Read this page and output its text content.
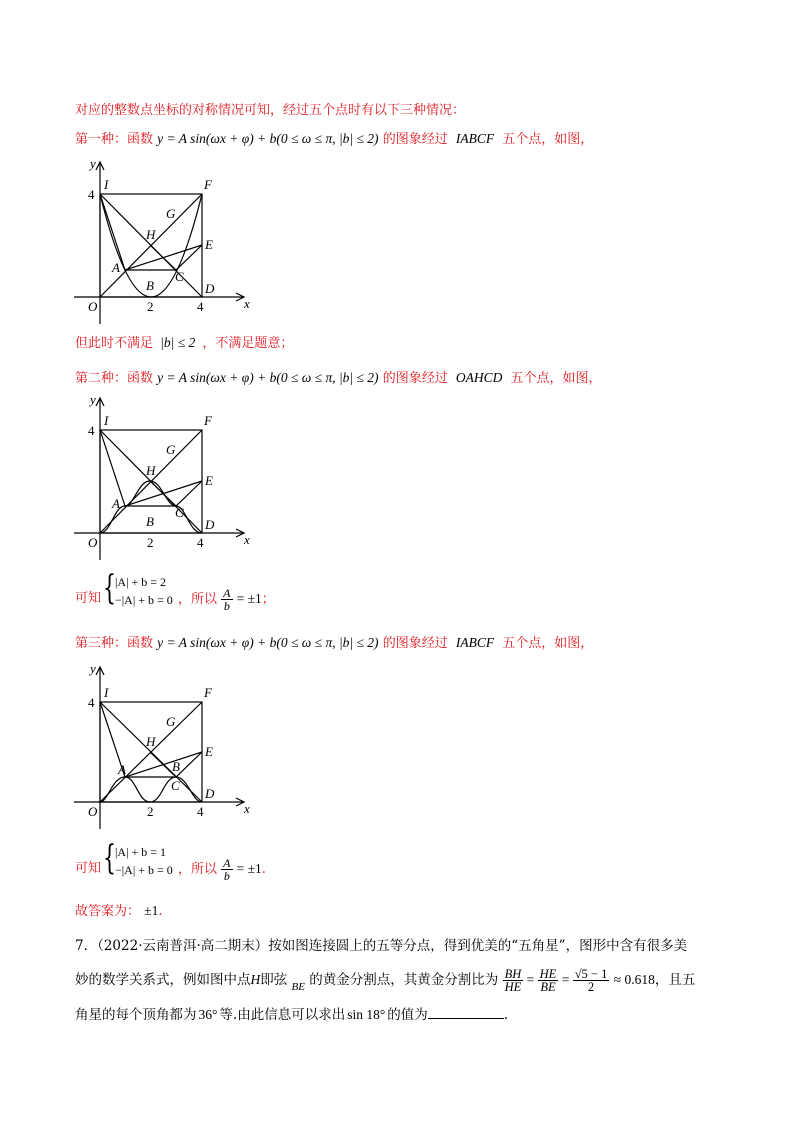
对应的整数点坐标的对称情况可知，经过五个点时有以下三种情况：
第一种：函数 y = A sin(ωx + φ) + b(0 ≤ ω ≤ π, |b| ≤ 2) 的图象经过 IABCF 五个点，如图，
y
x
O
4
2	4
I	F
G
H
E
A
B
C
D
但此时不满足 |b| ≤ 2 ，不满足题意；
第二种：函数 y = A sin(ωx + φ) + b(0 ≤ ω ≤ π, |b| ≤ 2) 的图象经过 OAHCD 五个点，如图，
y
x
O
4
2	4
I	F
G
H
E
A
B
C
D
可知 { |A| + b = 2
−|A| + b = 0 ，所以 $\frac{A}{b} = \pm 1$；
第三种：函数 y = A sin(ωx + φ) + b(0 ≤ ω ≤ π, |b| ≤ 2) 的图象经过 IABCF 五个点，如图，
y
x
O
4
2	4
I	F
G
H
E
A	B
C
D
可知 { |A| + b = 1
−|A| + b = 0 ，所以 $\frac{A}{b} = \pm 1$.
故答案为： ±1.
7．（2022·云南普洱·高二期末）按如图连接圆上的五等分点，得到优美的“五角星”，图形中含有很多美
妙的数学关系式，例如图中点H即弦 $_{BE}$ 的黄金分割点，其黄金分割比为 $\frac{BH}{HE} = \frac{HE}{BE} = \frac{√5 - 1}{2} \approx 0.618$，且五
角星的每个顶角都为 36° 等.由此信息可以求出 sin 18° 的值为	.
